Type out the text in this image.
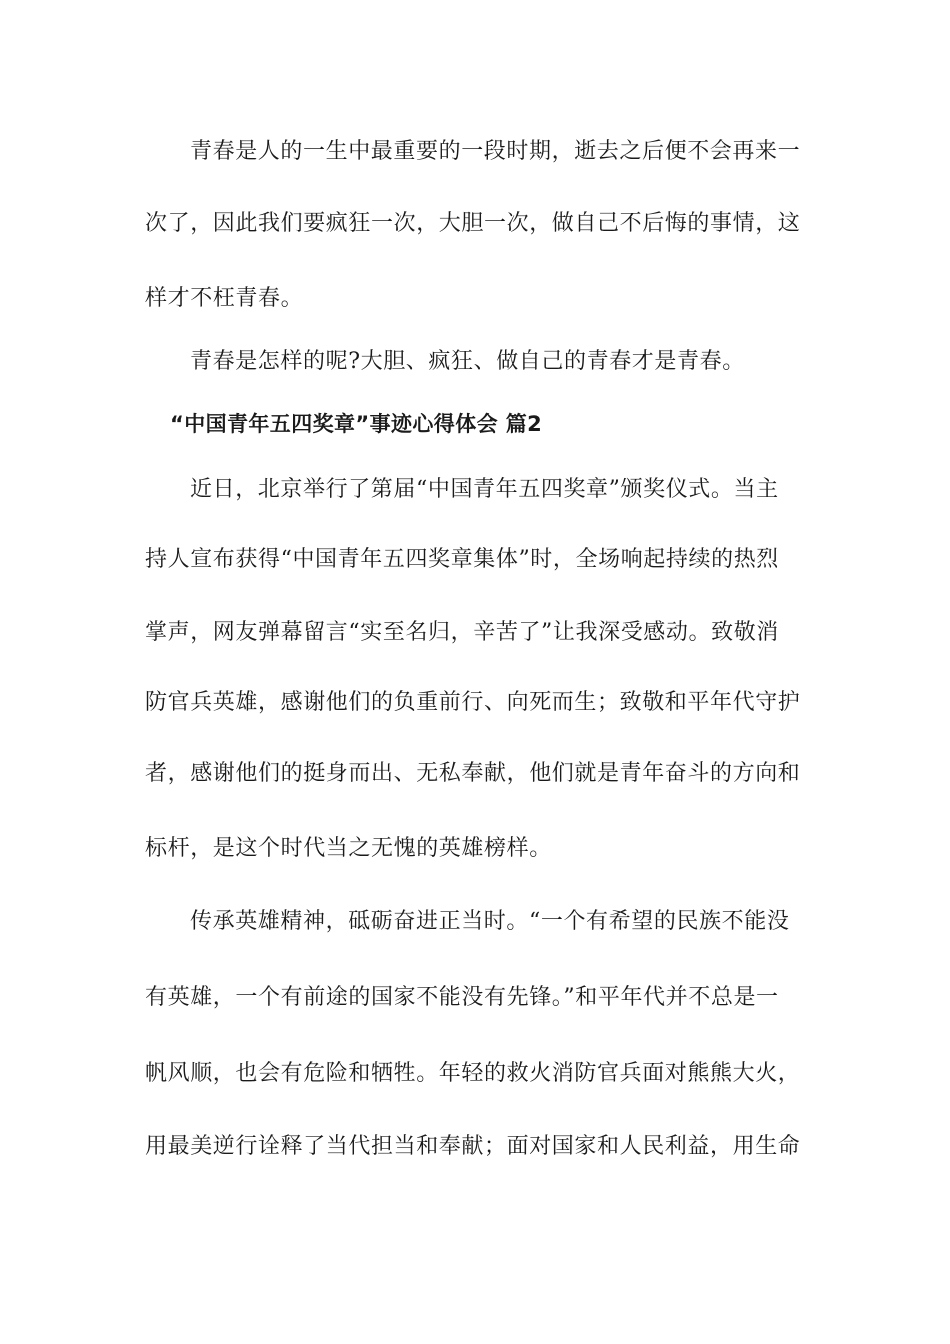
青春是人的一生中最重要的一段时期，逝去之后便不会再来一

次了，因此我们要疯狂一次，大胆一次，做自己不后悔的事情，这

样才不枉青春。

青春是怎样的呢?大胆、疯狂、做自己的青春才是青春。

“中国青年五四奖章”事迹心得体会 篇2

近日，北京举行了第届“中国青年五四奖章”颁奖仪式。当主

持人宣布获得“中国青年五四奖章集体”时，全场响起持续的热烈

掌声，网友弹幕留言“实至名归，辛苦了”让我深受感动。致敬消

防官兵英雄，感谢他们的负重前行、向死而生；致敬和平年代守护

者，感谢他们的挺身而出、无私奉献，他们就是青年奋斗的方向和

标杆，是这个时代当之无愧的英雄榜样。

传承英雄精神，砥砺奋进正当时。“一个有希望的民族不能没

有英雄，一个有前途的国家不能没有先锋。”和平年代并不总是一

帆风顺，也会有危险和牺牲。年轻的救火消防官兵面对熊熊大火，

用最美逆行诠释了当代担当和奉献；面对国家和人民利益，用生命
